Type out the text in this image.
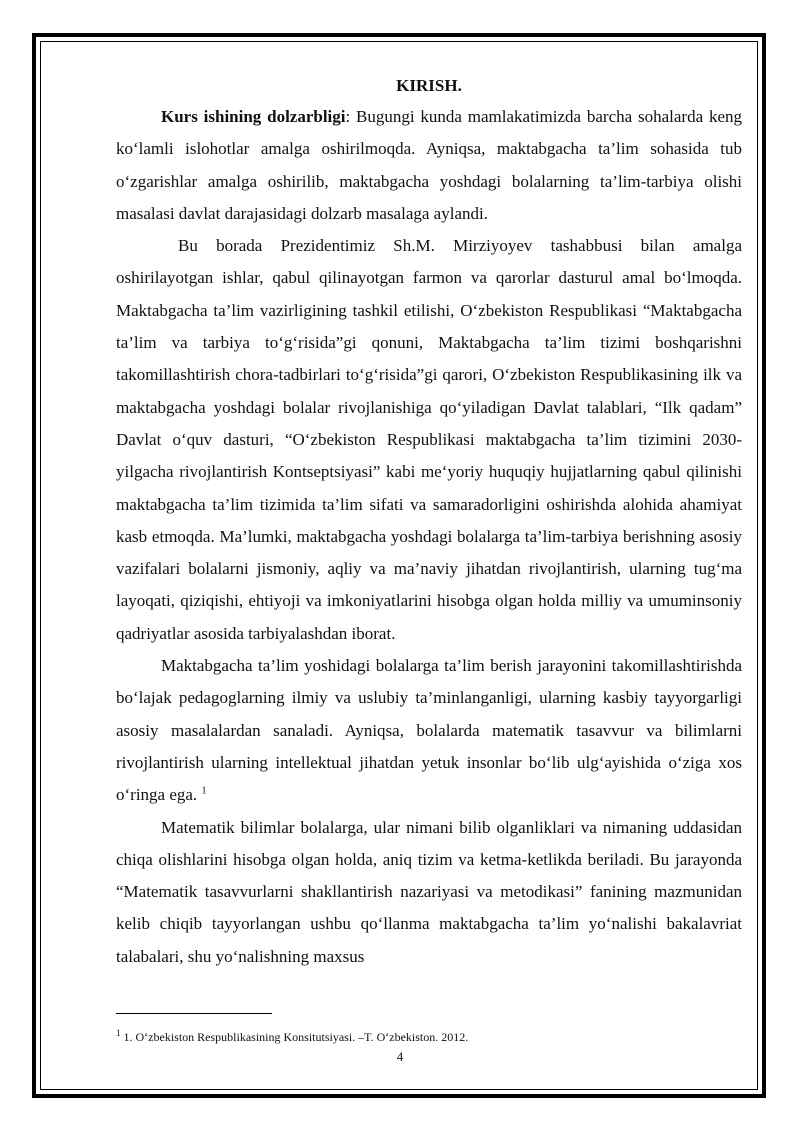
KIRISH.

Kurs ishining dolzarbligi: Bugungi kunda mamlakatimizda barcha sohalarda keng ko‘lamli islohotlar amalga oshirilmoqda. Ayniqsa, maktabgacha ta’lim sohasida tub o‘zgarishlar amalga oshirilib, maktabgacha yoshdagi bolalarning ta’lim-tarbiya olishi masalasi davlat darajasidagi dolzarb masalaga aylandi.

Bu borada Prezidentimiz Sh.M. Mirziyoyev tashabbusi bilan amalga oshirilayotgan ishlar, qabul qilinayotgan farmon va qarorlar dasturul amal bo‘lmoqda. Maktabgacha ta’lim vazirligining tashkil etilishi, O‘zbekiston Respublikasi “Maktabgacha ta’lim va tarbiya to‘g‘risida”gi qonuni, Maktabgacha ta’lim tizimi boshqarishni takomillashtirish chora-tadbirlari to‘g‘risida”gi qarori, O‘zbekiston Respublikasining ilk va maktabgacha yoshdagi bolalar rivojlanishiga qo‘yiladigan Davlat talablari, “Ilk qadam” Davlat o‘quv dasturi, “O‘zbekiston Respublikasi maktabgacha ta’lim tizimini 2030- yilgacha rivojlantirish Kontseptsiyasi” kabi me‘yoriy huquqiy hujjatlarning qabul qilinishi maktabgacha ta’lim tizimida ta’lim sifati va samaradorligini oshirishda alohida ahamiyat kasb etmoqda. Ma’lumki, maktabgacha yoshdagi bolalarga ta’lim-tarbiya berishning asosiy vazifalari bolalarni jismoniy, aqliy va ma’naviy jihatdan rivojlantirish, ularning tug‘ma layoqati, qiziqishi, ehtiyoji va imkoniyatlarini hisobga olgan holda milliy va umuminsoniy qadriyatlar asosida tarbiyalashdan iborat.

Maktabgacha ta’lim yoshidagi bolalarga ta’lim berish jarayonini takomillashtirishda bo‘lajak pedagoglarning ilmiy va uslubiy ta’minlanganligi, ularning kasbiy tayyorgarligi asosiy masalalardan sanaladi. Ayniqsa, bolalarda matematik tasavvur va bilimlarni rivojlantirish ularning intellektual jihatdan yetuk insonlar bo‘lib ulg‘ayishida o‘ziga xos o‘ringa ega. $^1$

Matematik bilimlar bolalarga, ular nimani bilib olganliklari va nimaning uddasidan chiqa olishlarini hisobga olgan holda, aniq tizim va ketma-ketlikda beriladi. Bu jarayonda “Matematik tasavvurlarni shakllantirish nazariyasi va metodikasi” fanining mazmunidan kelib chiqib tayyorlangan ushbu qo‘llanma maktabgacha ta’lim yo‘nalishi bakalavriat talabalari, shu yo‘nalishning maxsus

$^1$ 1. O‘zbekiston Respublikasining Konsitutsiyasi. –T. O‘zbekiston. 2012.
4
